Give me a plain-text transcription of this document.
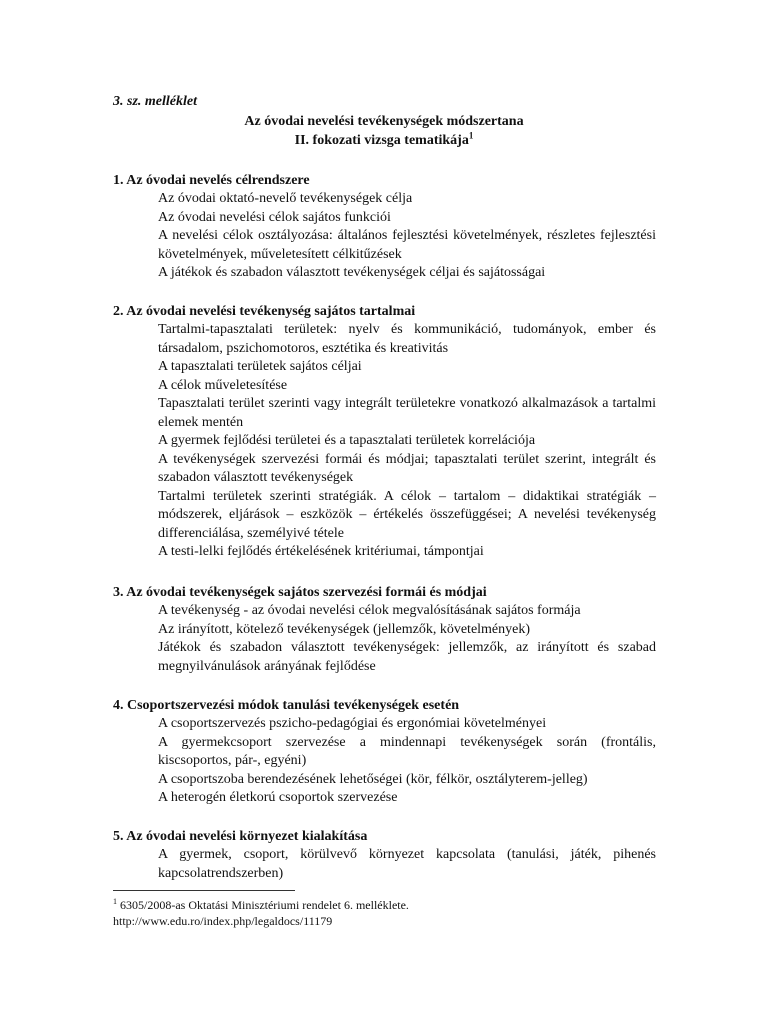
3. sz. melléklet
Az óvodai nevelési tevékenységek módszertana
II. fokozati vizsga tematikája$^1$

1. Az óvodai nevelés célrendszere

Az óvodai oktató-nevelő tevékenységek célja

Az óvodai nevelési célok sajátos funkciói

A nevelési célok osztályozása: általános fejlesztési követelmények, részletes fejlesztési követelmények, műveletesített célkitűzések

A játékok és szabadon választott tevékenységek céljai és sajátosságai

2. Az óvodai nevelési tevékenység sajátos tartalmai

Tartalmi-tapasztalati területek: nyelv és kommunikáció, tudományok, ember és társadalom, pszichomotoros, esztétika és kreativitás

A tapasztalati területek sajátos céljai

A célok műveletesítése

Tapasztalati terület szerinti vagy integrált területekre vonatkozó alkalmazások a tartalmi elemek mentén

A gyermek fejlődési területei és a tapasztalati területek korrelációja

A tevékenységek szervezési formái és módjai; tapasztalati terület szerint, integrált és szabadon választott tevékenységek

Tartalmi területek szerinti stratégiák. A célok – tartalom – didaktikai stratégiák – módszerek, eljárások – eszközök – értékelés összefüggései; A nevelési tevékenység differenciálása, személyivé tétele

A testi-lelki fejlődés értékelésének kritériumai, támpontjai

3. Az óvodai tevékenységek sajátos szervezési formái és módjai

A tevékenység - az óvodai nevelési célok megvalósításának sajátos formája

Az irányított, kötelező tevékenységek (jellemzők, követelmények)

Játékok és szabadon választott tevékenységek: jellemzők, az irányított és szabad megnyilvánulások arányának fejlődése

4. Csoportszervezési módok tanulási tevékenységek esetén

A csoportszervezés pszicho-pedagógiai és ergonómiai követelményei

A gyermekcsoport szervezése a mindennapi tevékenységek során (frontális, kiscsoportos, pár-, egyéni)

A csoportszoba berendezésének lehetőségei (kör, félkör, osztályterem-jelleg)

A heterogén életkorú csoportok szervezése

5. Az óvodai nevelési környezet kialakítása

A gyermek, csoport, körülvevő környezet kapcsolata (tanulási, játék, pihenés kapcsolatrendszerben)

$^1$ 6305/2008-as Oktatási Minisztériumi rendelet 6. melléklete.
http://www.edu.ro/index.php/legaldocs/11179
